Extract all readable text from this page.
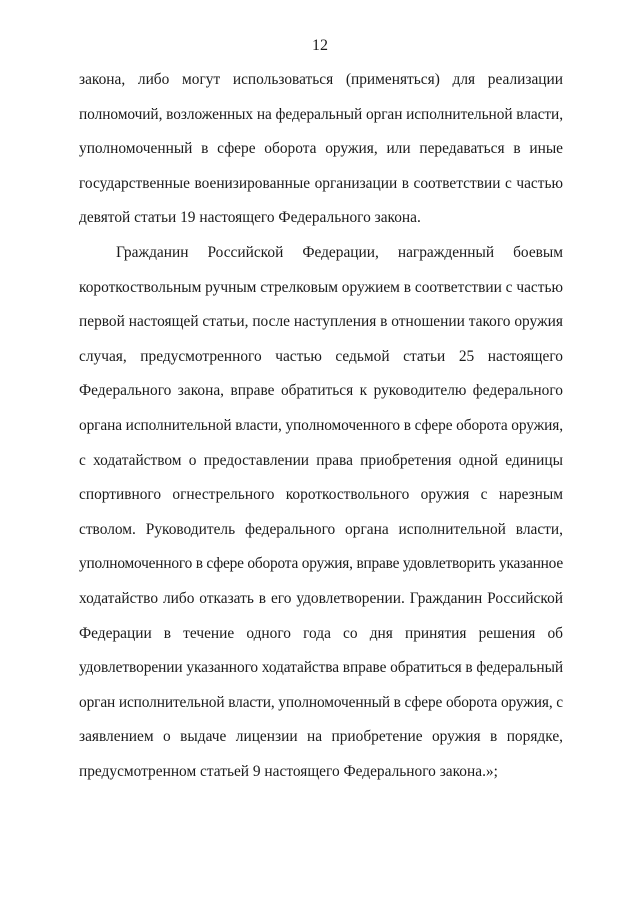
12
закона, либо могут использоваться (применяться) для реализации
полномочий, возложенных на федеральный орган исполнительной власти,
уполномоченный в сфере оборота оружия, или передаваться в иные
государственные военизированные организации в соответствии с частью
девятой статьи 19 настоящего Федерального закона.
Гражданин Российской Федерации, награжденный боевым
короткоствольным ручным стрелковым оружием в соответствии с частью
первой настоящей статьи, после наступления в отношении такого оружия
случая, предусмотренного частью седьмой статьи 25 настоящего
Федерального закона, вправе обратиться к руководителю федерального
органа исполнительной власти, уполномоченного в сфере оборота оружия,
с ходатайством о предоставлении права приобретения одной единицы
спортивного огнестрельного короткоствольного оружия с нарезным
стволом. Руководитель федерального органа исполнительной власти,
уполномоченного в сфере оборота оружия, вправе удовлетворить указанное
ходатайство либо отказать в его удовлетворении. Гражданин Российской
Федерации в течение одного года со дня принятия решения об
удовлетворении указанного ходатайства вправе обратиться в федеральный
орган исполнительной власти, уполномоченный в сфере оборота оружия, с
заявлением о выдаче лицензии на приобретение оружия в порядке,
предусмотренном статьей 9 настоящего Федерального закона.»;
